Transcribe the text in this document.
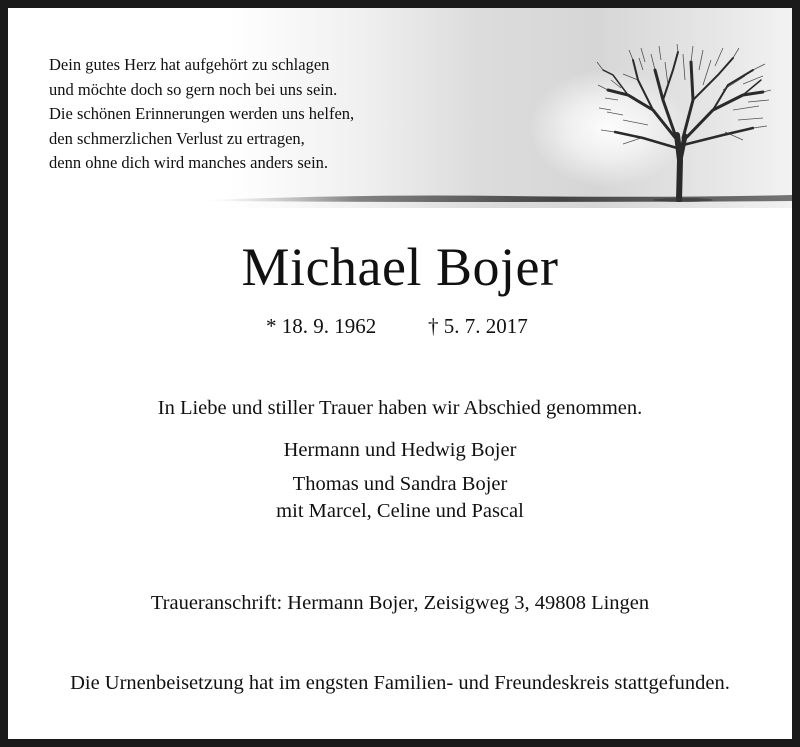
Dein gutes Herz hat aufgehört zu schlagen
und möchte doch so gern noch bei uns sein.
Die schönen Erinnerungen werden uns helfen,
den schmerzlichen Verlust zu ertragen,
denn ohne dich wird manches anders sein.
Michael Bojer
* 18. 9. 1962 † 5. 7. 2017
In Liebe und stiller Trauer haben wir Abschied genommen.
Hermann und Hedwig Bojer
Thomas und Sandra Bojer
mit Marcel, Celine und Pascal
Traueranschrift: Hermann Bojer, Zeisigweg 3, 49808 Lingen
Die Urnenbeisetzung hat im engsten Familien- und Freundeskreis stattgefunden.
